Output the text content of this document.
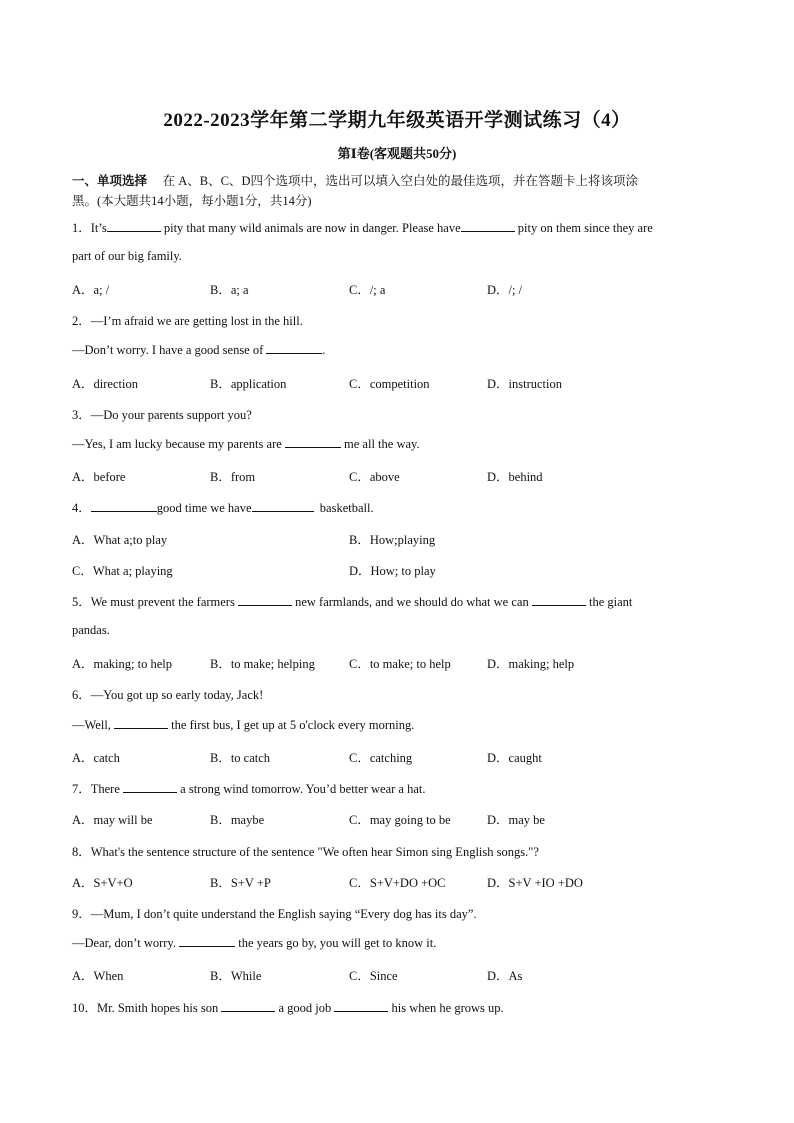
2022-2023学年第二学期九年级英语开学测试练习（4）
第Ⅰ卷(客观题共50分)
一、单项选择 在 A、B、C、D四个选项中，选出可以填入空白处的最佳选项，并在答题卡上将该项涂
黑。(本大题共14小题，每小题1分，共14分)
1．It’s	pity that many wild animals are now in danger. Please have	pity on them since they are
part of our big family.
A．a; /	B．a; a	C．/; a	D．/; /
2．—I’m afraid we are getting lost in the hill.
—Don’t worry. I have a good sense of	.
A．direction	B．application	C．competition	D．instruction
3．—Do your parents support you?
—Yes, I am lucky because my parents are	me all the way.
A．before	B．from	C．above	D．behind
4．	good time we have	basketball.
A．What a;to play	B．How;playing
C．What a; playing	D．How; to play
5．We must prevent the farmers	new farmlands, and we should do what we can	the giant
pandas.
A．making; to help	B．to make; helping	C．to make; to help	D．making; help
6．—You got up so early today, Jack!
—Well,	the first bus, I get up at 5 o'clock every morning.
A．catch	B．to catch	C．catching	D．caught
7．There	a strong wind tomorrow. You’d better wear a hat.
A．may will be	B．maybe	C．may going to be	D．may be
8．What's the sentence structure of the sentence "We often hear Simon sing English songs."?
A．S+V+O	B．S+V +P	C．S+V+DO +OC	D．S+V +IO +DO
9．—Mum, I don’t quite understand the English saying “Every dog has its day”.
—Dear, don’t worry.	the years go by, you will get to know it.
A．When	B．While	C．Since	D．As
10．Mr. Smith hopes his son	a good job	his when he grows up.
